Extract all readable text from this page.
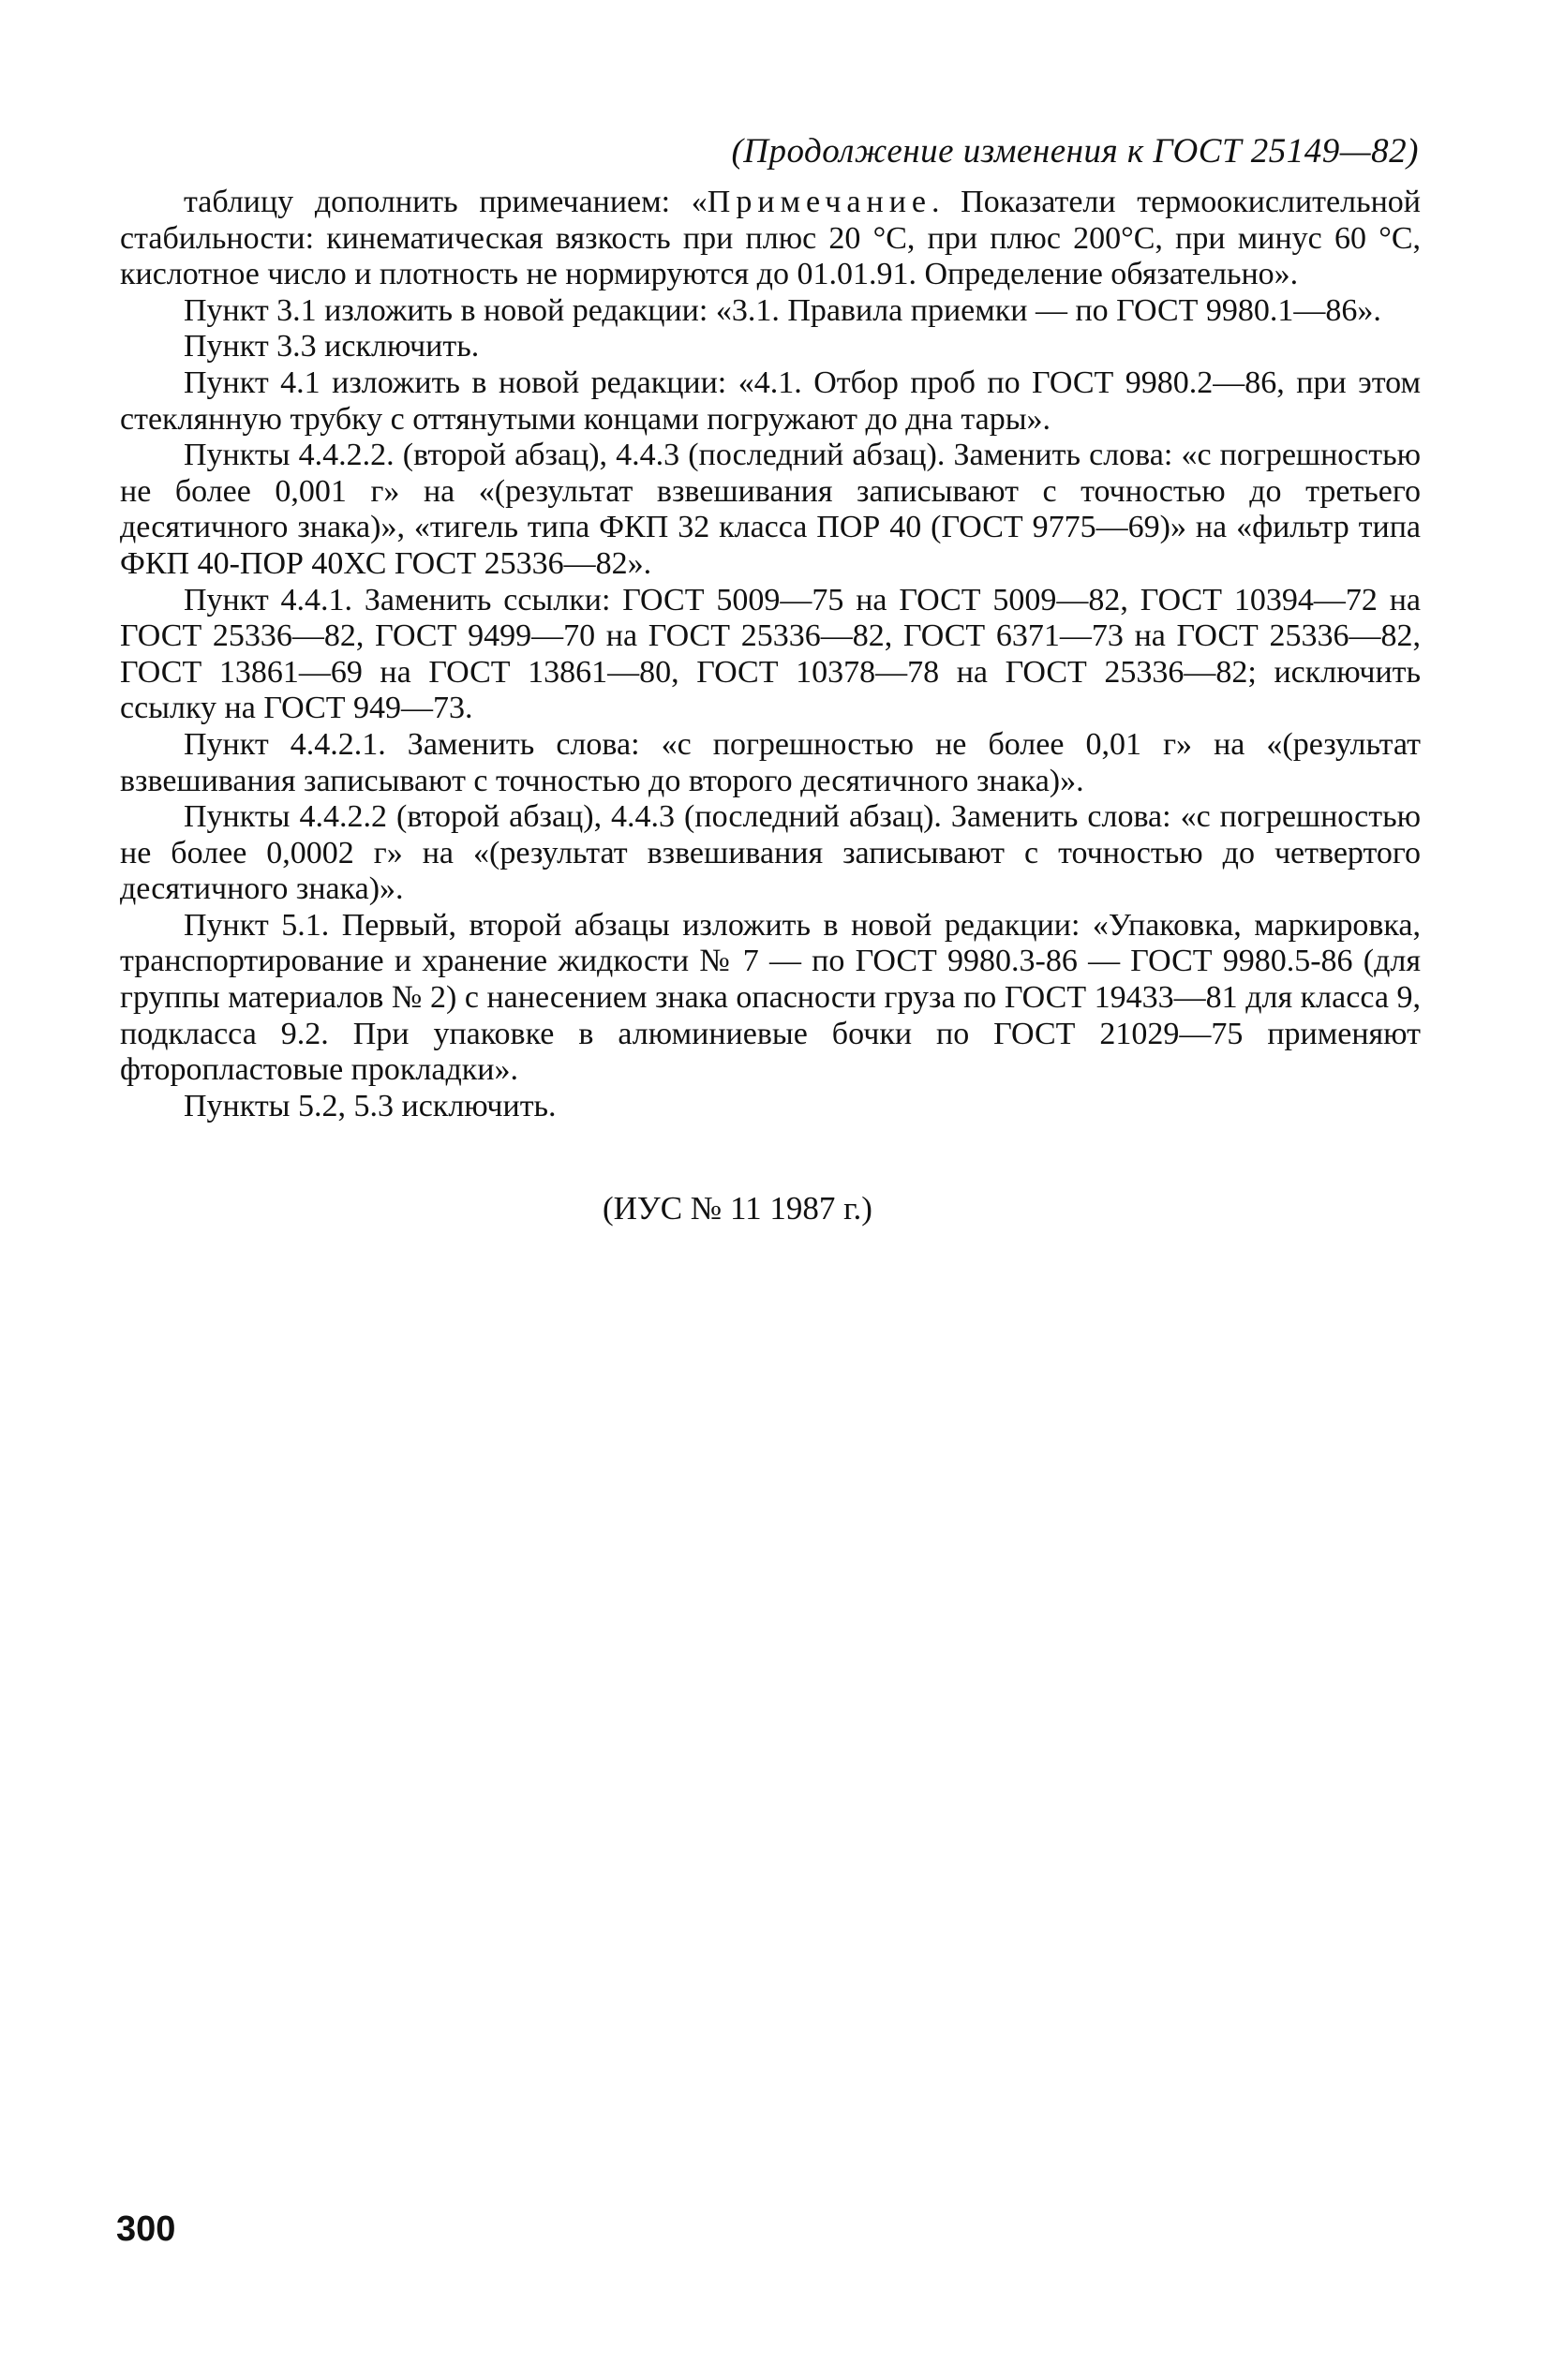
(Продолжение изменения к ГОСТ 25149—82)

таблицу дополнить примечанием: «Примечание. Показатели термоокислительной стабильности: кинематическая вязкость при плюс 20 °С, при плюс 200°С, при минус 60 °С, кислотное число и плотность не нормируются до 01.01.91. Определение обязательно».

Пункт 3.1 изложить в новой редакции: «3.1. Правила приемки — по ГОСТ 9980.1—86».

Пункт 3.3 исключить.

Пункт 4.1 изложить в новой редакции: «4.1. Отбор проб по ГОСТ 9980.2—86, при этом стеклянную трубку с оттянутыми концами погружают до дна тары».

Пункты 4.4.2.2. (второй абзац), 4.4.3 (последний абзац). Заменить слова: «с погрешностью не более 0,001 г» на «(результат взвешивания записывают с точностью до третьего десятичного знака)», «тигель типа ФКП 32 класса ПОР 40 (ГОСТ 9775—69)» на «фильтр типа ФКП 40-ПОР 40ХС ГОСТ 25336—82».

Пункт 4.4.1. Заменить ссылки: ГОСТ 5009—75 на ГОСТ 5009—82, ГОСТ 10394—72 на ГОСТ 25336—82, ГОСТ 9499—70 на ГОСТ 25336—82, ГОСТ 6371—73 на ГОСТ 25336—82, ГОСТ 13861—69 на ГОСТ 13861—80, ГОСТ 10378—78 на ГОСТ 25336—82; исключить ссылку на ГОСТ 949—73.

Пункт 4.4.2.1. Заменить слова: «с погрешностью не более 0,01 г» на «(результат взвешивания записывают с точностью до второго десятичного знака)».

Пункты 4.4.2.2 (второй абзац), 4.4.3 (последний абзац). Заменить слова: «с погрешностью не более 0,0002 г» на «(результат взвешивания записывают с точностью до четвертого десятичного знака)».

Пункт 5.1. Первый, второй абзацы изложить в новой редакции: «Упаковка, маркировка, транспортирование и хранение жидкости № 7 — по ГОСТ 9980.3-86 — ГОСТ 9980.5-86 (для группы материалов № 2) с нанесением знака опасности груза по ГОСТ 19433—81 для класса 9, подкласса 9.2. При упаковке в алюминиевые бочки по ГОСТ 21029—75 применяют фторопластовые прокладки».

Пункты 5.2, 5.3 исключить.

(ИУС № 11 1987 г.)
300
